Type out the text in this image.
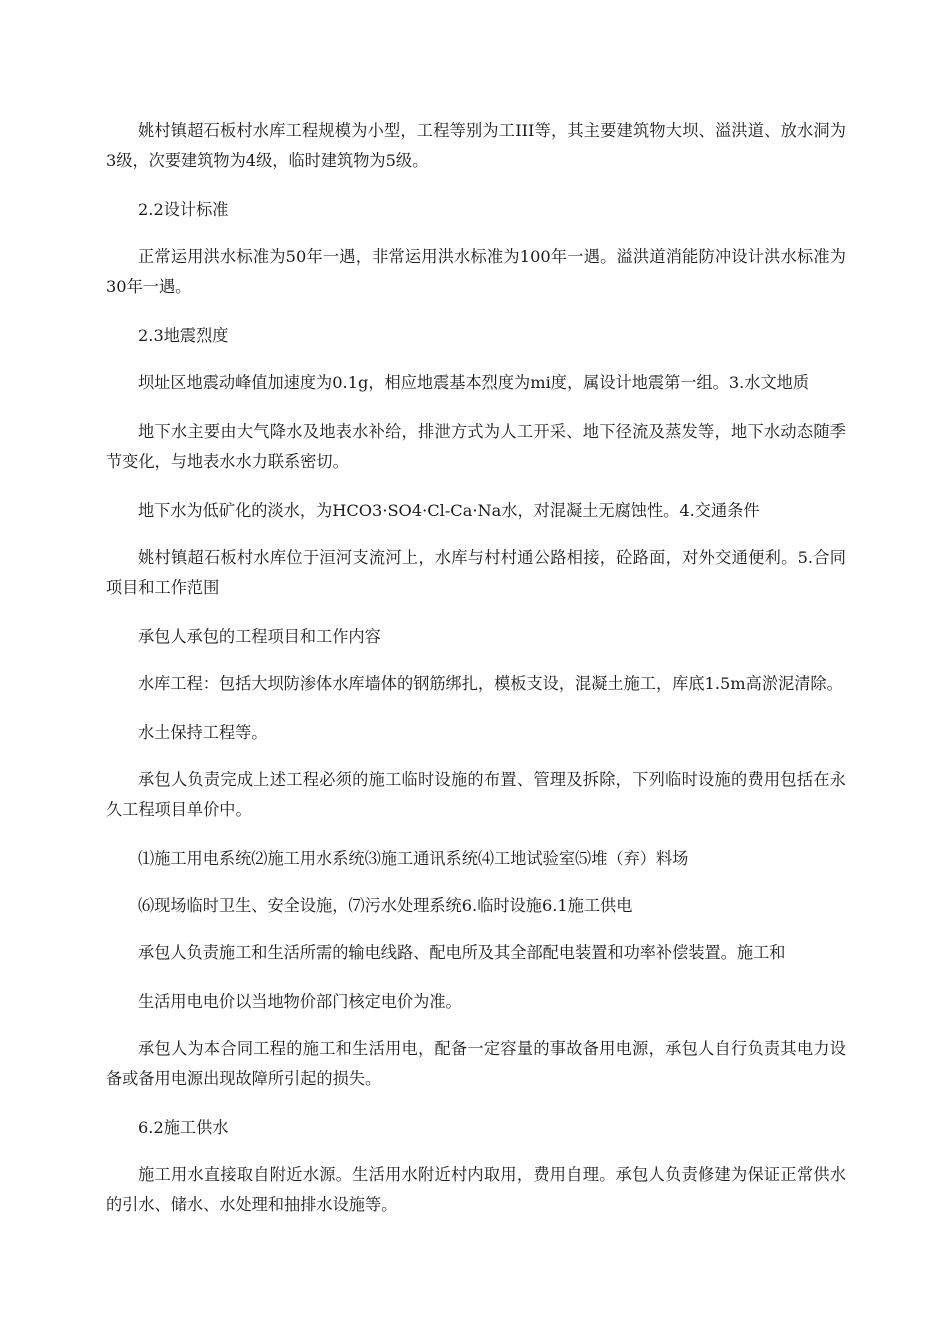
姚村镇超石板村水库工程规模为小型，工程等别为工III等，其主要建筑物大坝、溢洪道、放水洞为3级，次要建筑物为4级，临时建筑物为5级。

2.2设计标准

正常运用洪水标准为50年一遇，非常运用洪水标准为100年一遇。溢洪道消能防冲设计洪水标准为30年一遇。

2.3地震烈度

坝址区地震动峰值加速度为0.1g，相应地震基本烈度为mi度，属设计地震第一组。3.水文地质

地下水主要由大气降水及地表水补给，排泄方式为人工开采、地下径流及蒸发等，地下水动态随季节变化，与地表水水力联系密切。

地下水为低矿化的淡水，为HCO3·SO4·Cl-Ca·Na水，对混凝土无腐蚀性。4.交通条件

姚村镇超石板村水库位于洹河支流河上，水库与村村通公路相接，砼路面，对外交通便利。5.合同项目和工作范围

承包人承包的工程项目和工作内容

水库工程：包括大坝防渗体水库墙体的钢筋绑扎，模板支设，混凝土施工，库底1.5m高淤泥清除。

水土保持工程等。

承包人负责完成上述工程必须的施工临时设施的布置、管理及拆除，下列临时设施的费用包括在永久工程项目单价中。

⑴施工用电系统⑵施工用水系统⑶施工通讯系统⑷工地试验室⑸堆（弃）料场

⑹现场临时卫生、安全设施，⑺污水处理系统6.临时设施6.1施工供电

承包人负责施工和生活所需的输电线路、配电所及其全部配电装置和功率补偿装置。施工和

生活用电电价以当地物价部门核定电价为准。

承包人为本合同工程的施工和生活用电，配备一定容量的事故备用电源，承包人自行负责其电力设备或备用电源出现故障所引起的损失。

6.2施工供水

施工用水直接取自附近水源。生活用水附近村内取用，费用自理。承包人负责修建为保证正常供水的引水、储水、水处理和抽排水设施等。
